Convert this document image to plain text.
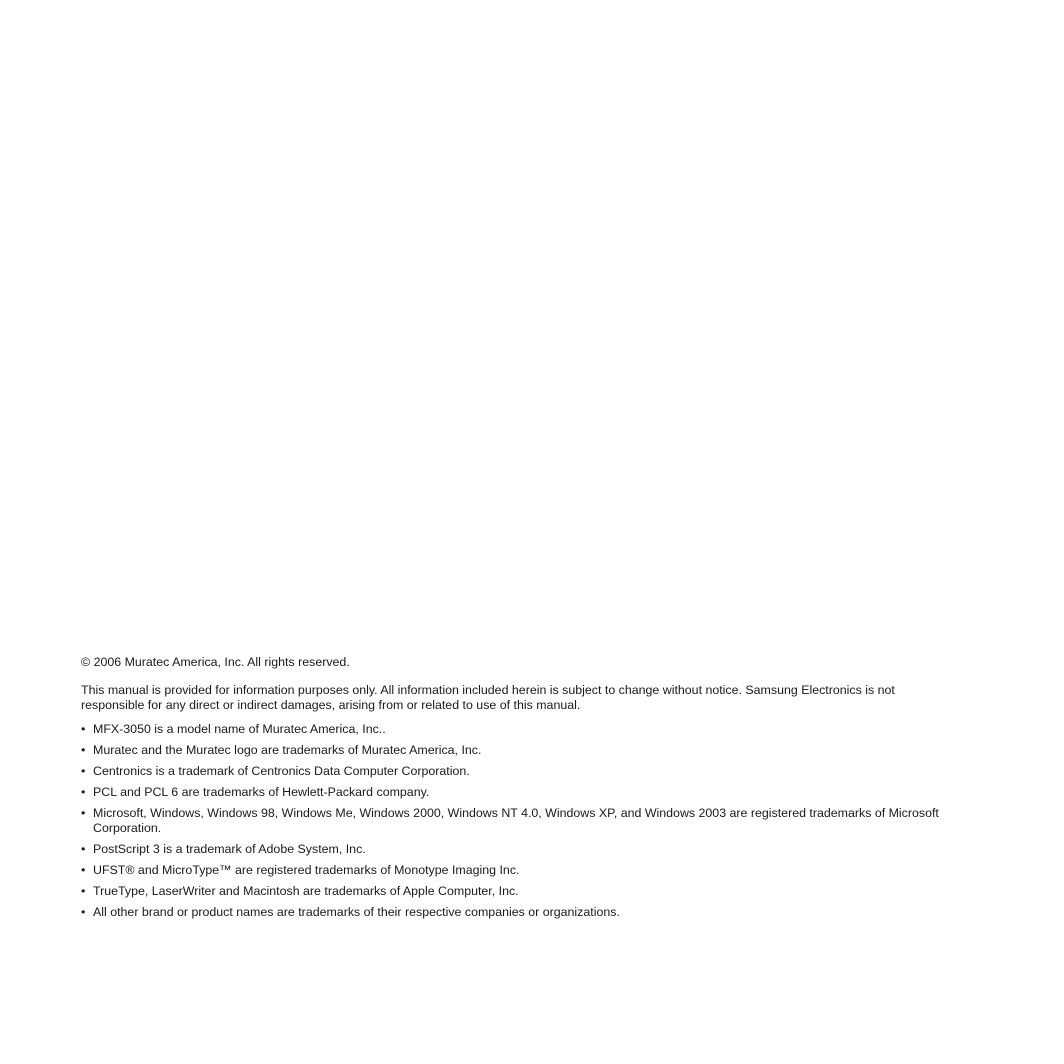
© 2006 Muratec America, Inc. All rights reserved.

This manual is provided for information purposes only. All information included herein is subject to change without notice. Samsung Electronics is not responsible for any direct or indirect damages, arising from or related to use of this manual.

• MFX-3050 is a model name of Muratec America, Inc..
• Muratec and the Muratec logo are trademarks of Muratec America, Inc.
• Centronics is a trademark of Centronics Data Computer Corporation.
• PCL and PCL 6 are trademarks of Hewlett-Packard company.
• Microsoft, Windows, Windows 98, Windows Me, Windows 2000, Windows NT 4.0, Windows XP, and Windows 2003 are registered trademarks of Microsoft Corporation.
• PostScript 3 is a trademark of Adobe System, Inc.
• UFST® and MicroType™ are registered trademarks of Monotype Imaging Inc.
• TrueType, LaserWriter and Macintosh are trademarks of Apple Computer, Inc.
• All other brand or product names are trademarks of their respective companies or organizations.
